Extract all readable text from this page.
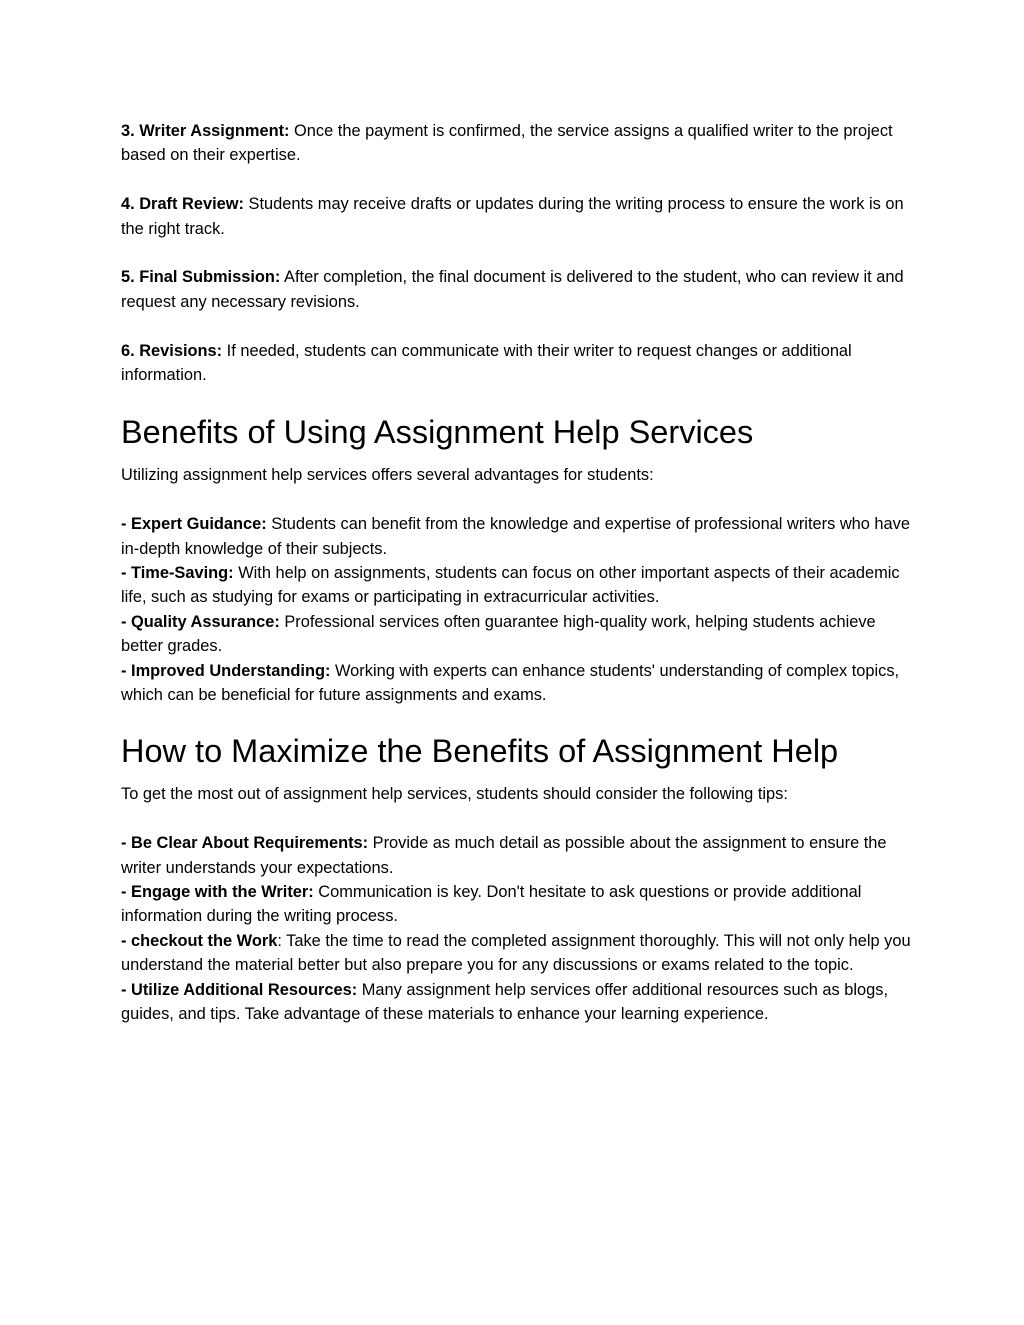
3. Writer Assignment: Once the payment is confirmed, the service assigns a qualified writer to the project based on their expertise.

4. Draft Review: Students may receive drafts or updates during the writing process to ensure the work is on the right track.

5. Final Submission: After completion, the final document is delivered to the student, who can review it and request any necessary revisions.

6. Revisions: If needed, students can communicate with their writer to request changes or additional information.

Benefits of Using Assignment Help Services

Utilizing assignment help services offers several advantages for students:

- Expert Guidance: Students can benefit from the knowledge and expertise of professional writers who have in-depth knowledge of their subjects.

- Time-Saving: With help on assignments, students can focus on other important aspects of their academic life, such as studying for exams or participating in extracurricular activities.

- Quality Assurance: Professional services often guarantee high-quality work, helping students achieve better grades.

- Improved Understanding: Working with experts can enhance students' understanding of complex topics, which can be beneficial for future assignments and exams.

How to Maximize the Benefits of Assignment Help

To get the most out of assignment help services, students should consider the following tips:

- Be Clear About Requirements: Provide as much detail as possible about the assignment to ensure the writer understands your expectations.

- Engage with the Writer: Communication is key. Don't hesitate to ask questions or provide additional information during the writing process.

- checkout the Work: Take the time to read the completed assignment thoroughly. This will not only help you understand the material better but also prepare you for any discussions or exams related to the topic.

- Utilize Additional Resources: Many assignment help services offer additional resources such as blogs, guides, and tips. Take advantage of these materials to enhance your learning experience.
